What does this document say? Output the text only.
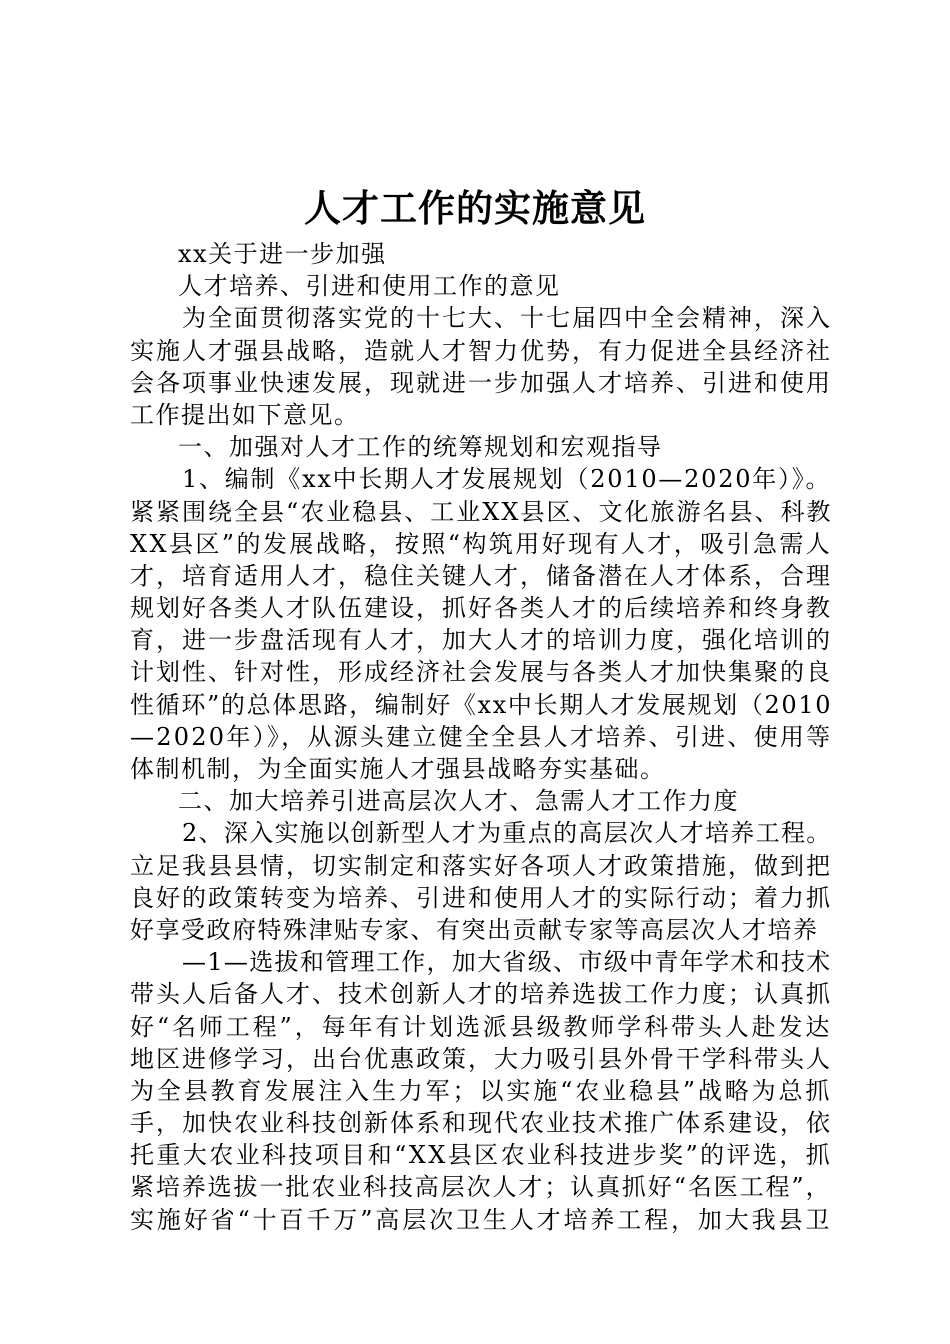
人才工作的实施意见
xx关于进一步加强
人才培养、引进和使用工作的意见
为全面贯彻落实党的十七大、十七届四中全会精神，深入
实施人才强县战略，造就人才智力优势，有力促进全县经济社
会各项事业快速发展，现就进一步加强人才培养、引进和使用
工作提出如下意见。
一、加强对人才工作的统筹规划和宏观指导
1、编制《xx中长期人才发展规划（2010—2020年）》。
紧紧围绕全县“农业稳县、工业XX县区、文化旅游名县、科教
XX县区”的发展战略，按照“构筑用好现有人才，吸引急需人
才，培育适用人才，稳住关键人才，储备潜在人才体系，合理
规划好各类人才队伍建设，抓好各类人才的后续培养和终身教
育，进一步盘活现有人才，加大人才的培训力度，强化培训的
计划性、针对性，形成经济社会发展与各类人才加快集聚的良
性循环”的总体思路，编制好《xx中长期人才发展规划（2010
—2020年）》，从源头建立健全全县人才培养、引进、使用等
体制机制，为全面实施人才强县战略夯实基础。
二、加大培养引进高层次人才、急需人才工作力度
2、深入实施以创新型人才为重点的高层次人才培养工程。
立足我县县情，切实制定和落实好各项人才政策措施，做到把
良好的政策转变为培养、引进和使用人才的实际行动；着力抓
好享受政府特殊津贴专家、有突出贡献专家等高层次人才培养
—1—选拔和管理工作，加大省级、市级中青年学术和技术
带头人后备人才、技术创新人才的培养选拔工作力度；认真抓
好“名师工程”，每年有计划选派县级教师学科带头人赴发达
地区进修学习，出台优惠政策，大力吸引县外骨干学科带头人
为全县教育发展注入生力军；以实施“农业稳县”战略为总抓
手，加快农业科技创新体系和现代农业技术推广体系建设，依
托重大农业科技项目和“XX县区农业科技进步奖”的评选，抓
紧培养选拔一批农业科技高层次人才；认真抓好“名医工程”，
实施好省“十百千万”高层次卫生人才培养工程，加大我县卫
